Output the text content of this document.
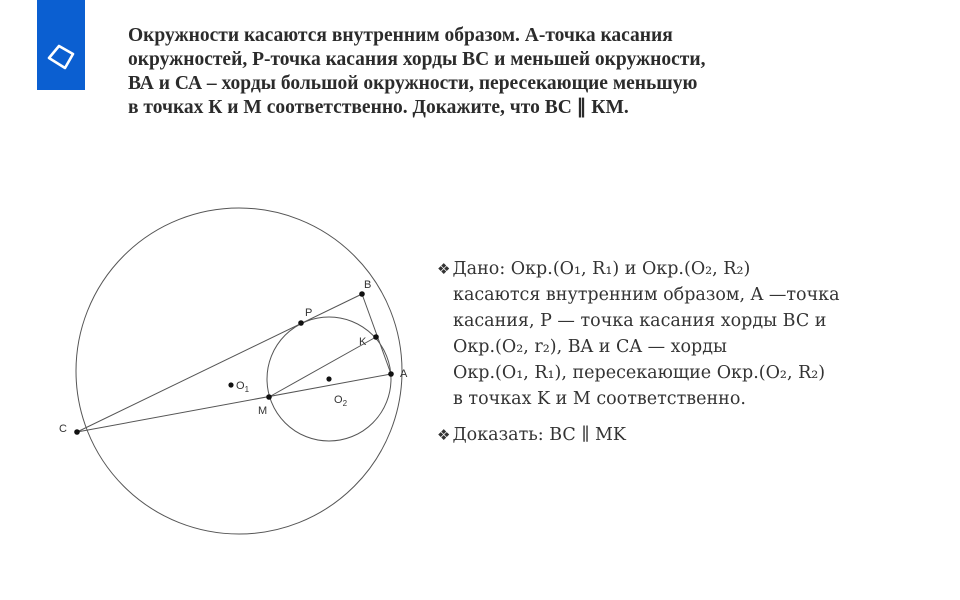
Окружности касаются внутренним образом. А-точка касания
окружностей, Р-точка касания хорды ВС и меньшей окружности,
ВА и СА – хорды большой окружности, пересекающие меньшую
в точках К и М соответственно. Докажите, что ВС ∥ КМ.
B
P
K
A
M
C
$O_1$
$O_2$
❖ Дано: Окр.(O₁, R₁) и Окр.(O₂, R₂)
касаются внутренним образом, A —точка
касания, P — точка касания хорды BC и
Окр.(O₂, r₂), BA и CA — хорды
Окр.(O₁, R₁), пересекающие Окр.(O₂, R₂)
в точках K и M соответственно.
❖ Доказать: BC ∥ MK
